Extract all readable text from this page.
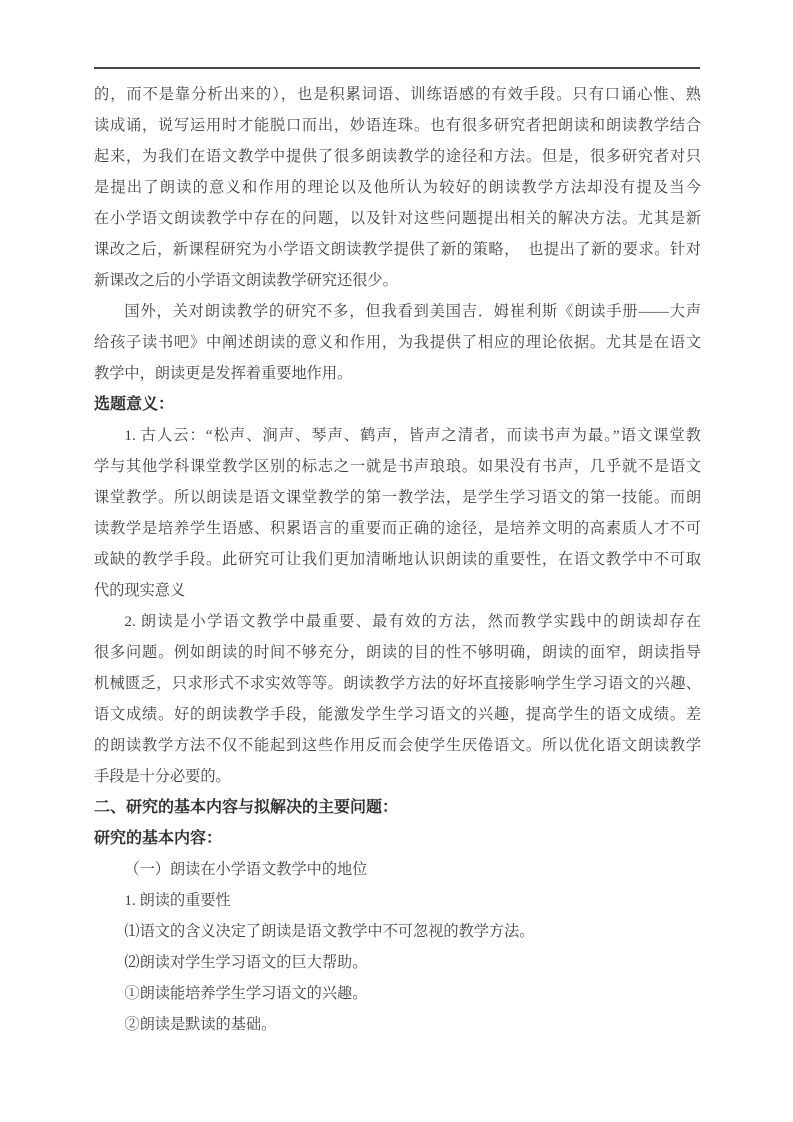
的，而不是靠分析出来的），也是积累词语、训练语感的有效手段。只有口诵心惟、熟
读成诵，说写运用时才能脱口而出，妙语连珠。也有很多研究者把朗读和朗读教学结合
起来，为我们在语文教学中提供了很多朗读教学的途径和方法。但是，很多研究者对只
是提出了朗读的意义和作用的理论以及他所认为较好的朗读教学方法却没有提及当今
在小学语文朗读教学中存在的问题，以及针对这些问题提出相关的解决方法。尤其是新
课改之后，新课程研究为小学语文朗读教学提供了新的策略，　也提出了新的要求。针对
新课改之后的小学语文朗读教学研究还很少。
国外，关对朗读教学的研究不多，但我看到美国吉．姆崔利斯《朗读手册——大声
给孩子读书吧》中阐述朗读的意义和作用，为我提供了相应的理论依据。尤其是在语文
教学中，朗读更是发挥着重要地作用。
选题意义：
1. 古人云：“松声、涧声、琴声、鹤声，皆声之清者，而读书声为最。”语文课堂教
学与其他学科课堂教学区别的标志之一就是书声琅琅。如果没有书声，几乎就不是语文
课堂教学。所以朗读是语文课堂教学的第一教学法，是学生学习语文的第一技能。而朗
读教学是培养学生语感、积累语言的重要而正确的途径，是培养文明的高素质人才不可
或缺的教学手段。此研究可让我们更加清晰地认识朗读的重要性，在语文教学中不可取
代的现实意义
2. 朗读是小学语文教学中最重要、最有效的方法，然而教学实践中的朗读却存在
很多问题。例如朗读的时间不够充分，朗读的目的性不够明确，朗读的面窄，朗读指导
机械匮乏，只求形式不求实效等等。朗读教学方法的好坏直接影响学生学习语文的兴趣、
语文成绩。好的朗读教学手段，能激发学生学习语文的兴趣，提高学生的语文成绩。差
的朗读教学方法不仅不能起到这些作用反而会使学生厌倦语文。所以优化语文朗读教学
手段是十分必要的。
二、研究的基本内容与拟解决的主要问题：
研究的基本内容：
（一）朗读在小学语文教学中的地位
1. 朗读的重要性
⑴语文的含义决定了朗读是语文教学中不可忽视的教学方法。
⑵朗读对学生学习语文的巨大帮助。
①朗读能培养学生学习语文的兴趣。
②朗读是默读的基础。
